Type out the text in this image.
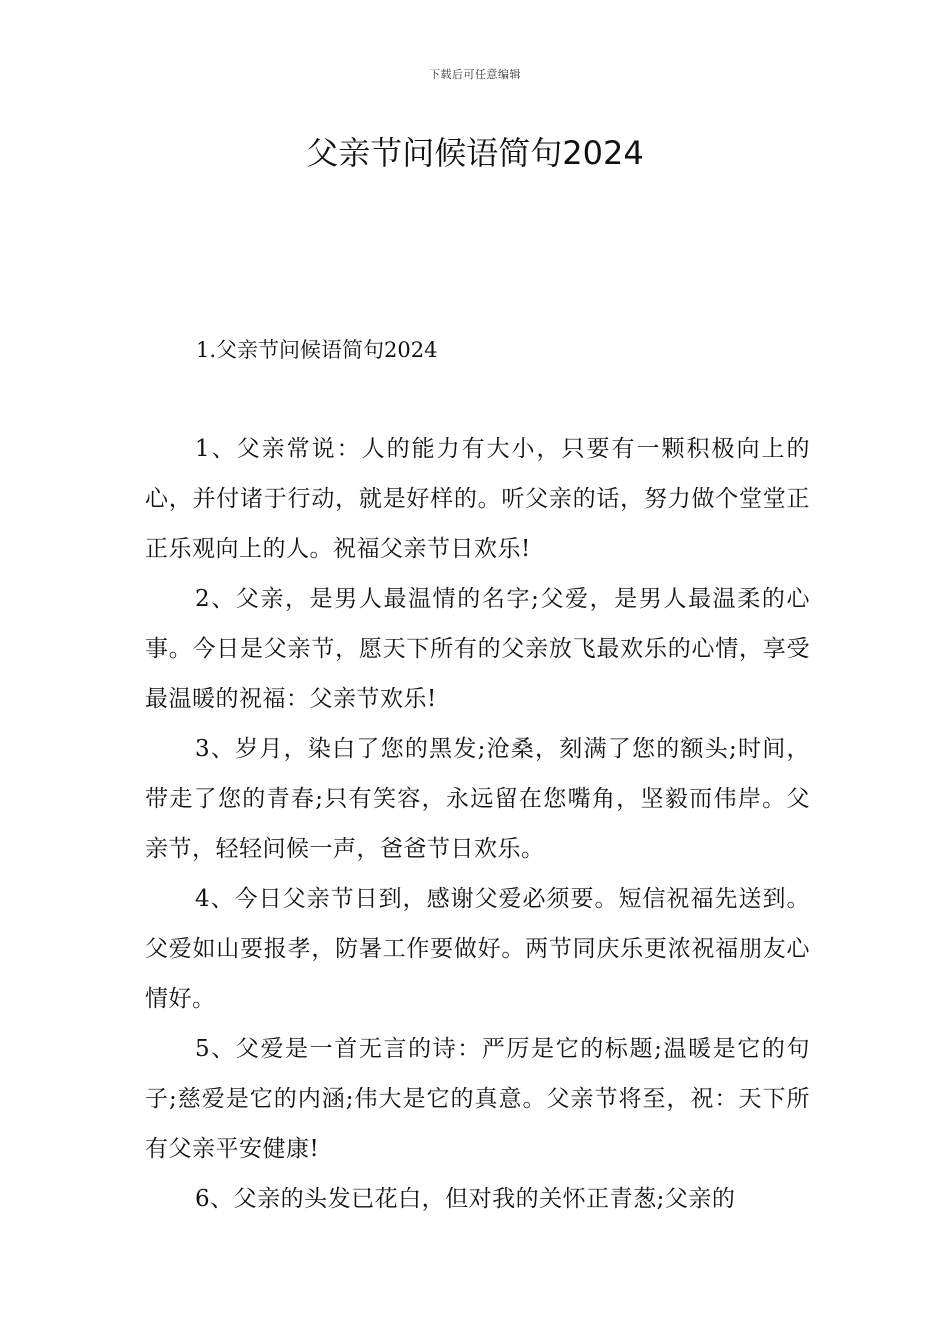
下载后可任意编辑
父亲节问候语简句2024
1.父亲节问候语简句2024

1、父亲常说：人的能力有大小，只要有一颗积极向上的心，并付诸于行动，就是好样的。听父亲的话，努力做个堂堂正正乐观向上的人。祝福父亲节日欢乐!

2、父亲，是男人最温情的名字;父爱，是男人最温柔的心事。今日是父亲节，愿天下所有的父亲放飞最欢乐的心情，享受最温暖的祝福：父亲节欢乐!

3、岁月，染白了您的黑发;沧桑，刻满了您的额头;时间，带走了您的青春;只有笑容，永远留在您嘴角，坚毅而伟岸。父亲节，轻轻问候一声，爸爸节日欢乐。

4、今日父亲节日到，感谢父爱必须要。短信祝福先送到。父爱如山要报孝，防暑工作要做好。两节同庆乐更浓祝福朋友心情好。

5、父爱是一首无言的诗：严厉是它的标题;温暖是它的句子;慈爱是它的内涵;伟大是它的真意。父亲节将至，祝：天下所有父亲平安健康!

6、父亲的头发已花白，但对我的关怀正青葱;父亲的
